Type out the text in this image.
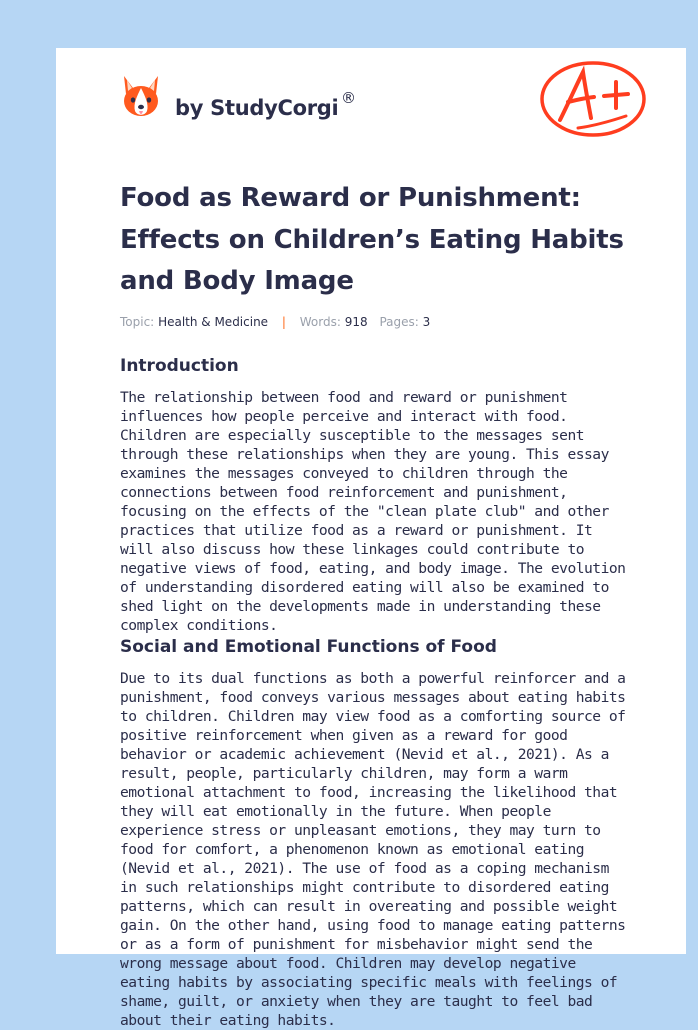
by StudyCorgi ®
Food as Reward or Punishment: Effects on Children’s Eating Habits and Body Image
Topic: Health & Medicine | Words: 918 Pages: 3
Introduction

The relationship between food and reward or punishment influences how people perceive and interact with food. Children are especially susceptible to the messages sent through these relationships when they are young. This essay examines the messages conveyed to children through the connections between food reinforcement and punishment, focusing on the effects of the "clean plate club" and other practices that utilize food as a reward or punishment. It will also discuss how these linkages could contribute to negative views of food, eating, and body image. The evolution of understanding disordered eating will also be examined to shed light on the developments made in understanding these complex conditions.

Social and Emotional Functions of Food

Due to its dual functions as both a powerful reinforcer and a punishment, food conveys various messages about eating habits to children. Children may view food as a comforting source of positive reinforcement when given as a reward for good behavior or academic achievement (Nevid et al., 2021). As a result, people, particularly children, may form a warm emotional attachment to food, increasing the likelihood that they will eat emotionally in the future. When people experience stress or unpleasant emotions, they may turn to food for comfort, a phenomenon known as emotional eating (Nevid et al., 2021). The use of food as a coping mechanism in such relationships might contribute to disordered eating patterns, which can result in overeating and possible weight gain. On the other hand, using food to manage eating patterns or as a form of punishment for misbehavior might send the wrong message about food. Children may develop negative eating habits by associating specific meals with feelings of shame, guilt, or anxiety when they are taught to feel bad about their eating habits.
